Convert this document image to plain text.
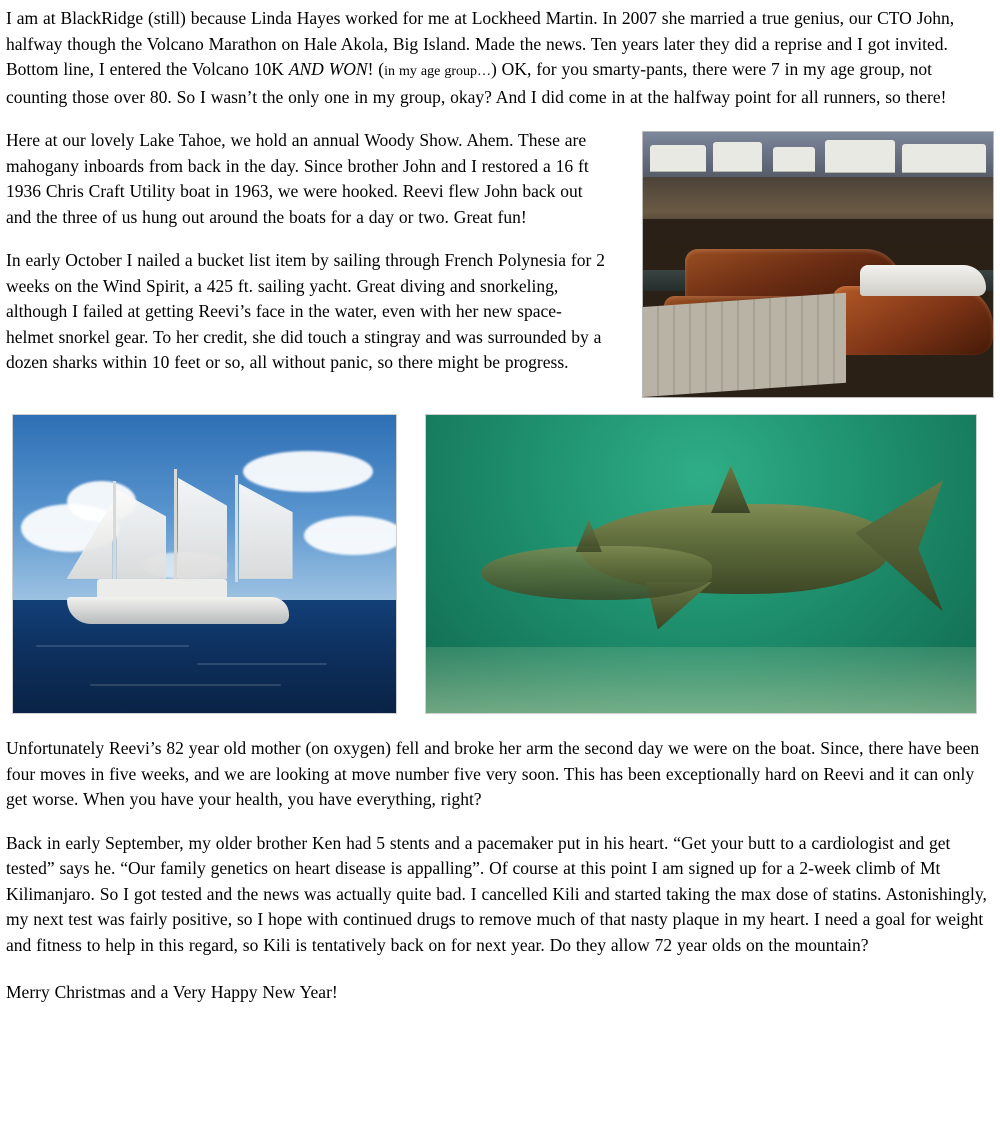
I am at BlackRidge (still) because Linda Hayes worked for me at Lockheed Martin. In 2007 she married a true genius, our CTO John, halfway though the Volcano Marathon on Hale Akola, Big Island. Made the news. Ten years later they did a reprise and I got invited. Bottom line, I entered the Volcano 10K AND WON! (in my age group…) OK, for you smarty-pants, there were 7 in my age group, not counting those over 80. So I wasn’t the only one in my group, okay? And I did come in at the halfway point for all runners, so there!

Here at our lovely Lake Tahoe, we hold an annual Woody Show. Ahem. These are mahogany inboards from back in the day. Since brother John and I restored a 16 ft 1936 Chris Craft Utility boat in 1963, we were hooked. Reevi flew John back out and the three of us hung out around the boats for a day or two. Great fun!

In early October I nailed a bucket list item by sailing through French Polynesia for 2 weeks on the Wind Spirit, a 425 ft. sailing yacht. Great diving and snorkeling, although I failed at getting Reevi’s face in the water, even with her new space-helmet snorkel gear. To her credit, she did touch a stingray and was surrounded by a dozen sharks within 10 feet or so, all without panic, so there might be progress.

Unfortunately Reevi’s 82 year old mother (on oxygen) fell and broke her arm the second day we were on the boat. Since, there have been four moves in five weeks, and we are looking at move number five very soon. This has been exceptionally hard on Reevi and it can only get worse. When you have your health, you have everything, right?

Back in early September, my older brother Ken had 5 stents and a pacemaker put in his heart. “Get your butt to a cardiologist and get tested” says he. “Our family genetics on heart disease is appalling”. Of course at this point I am signed up for a 2-week climb of Mt Kilimanjaro. So I got tested and the news was actually quite bad. I cancelled Kili and started taking the max dose of statins. Astonishingly, my next test was fairly positive, so I hope with continued drugs to remove much of that nasty plaque in my heart. I need a goal for weight and fitness to help in this regard, so Kili is tentatively back on for next year. Do they allow 72 year olds on the mountain?

Merry Christmas and a Very Happy New Year!
